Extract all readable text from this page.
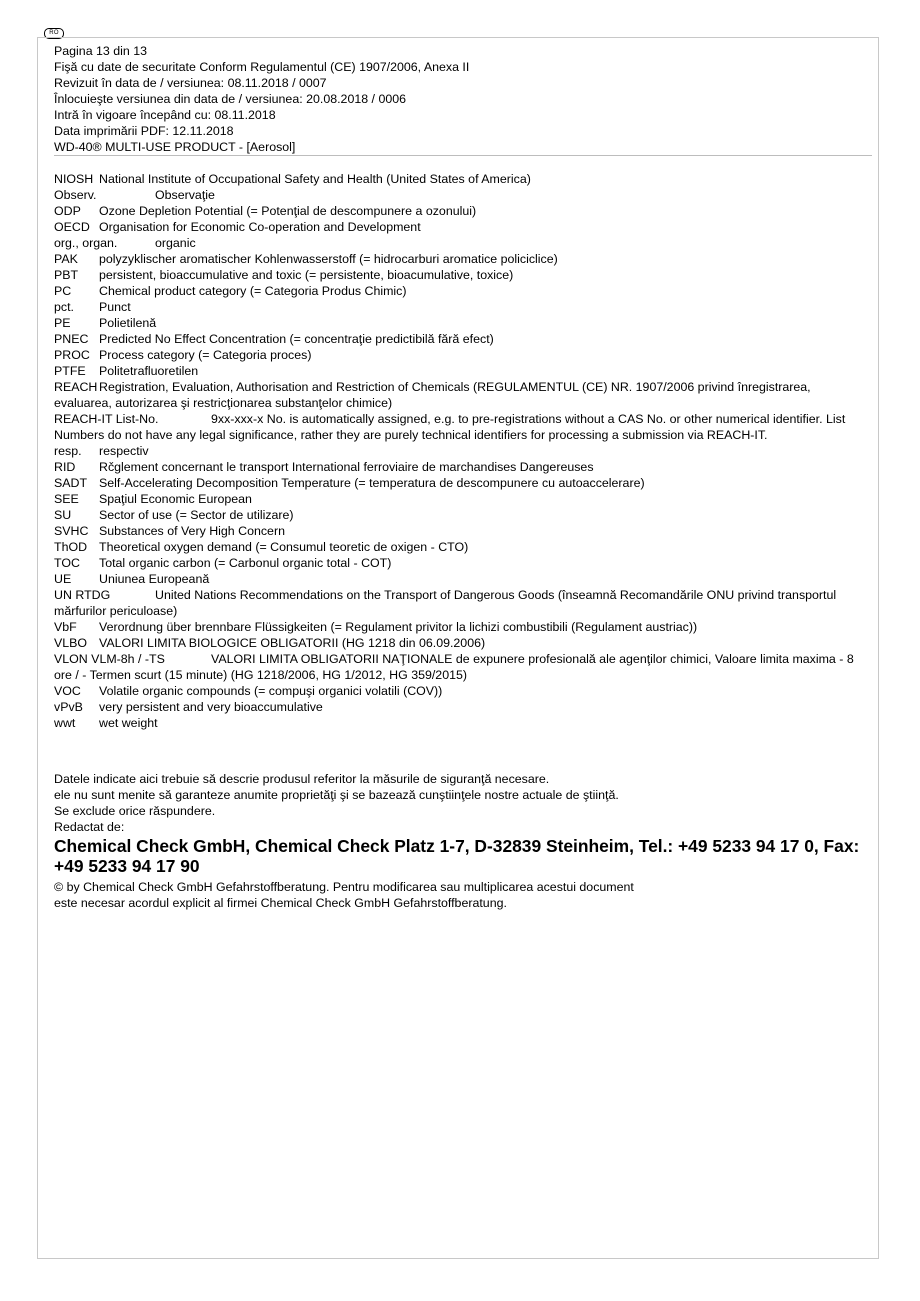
RO
Pagina 13 din 13
Fişă cu date de securitate Conform Regulamentul (CE) 1907/2006, Anexa II
Revizuit în data de / versiunea: 08.11.2018 / 0007
Înlocuieşte versiunea din data de / versiunea: 20.08.2018 / 0006
Intră în vigoare începând cu: 08.11.2018
Data imprimării PDF: 12.11.2018
WD-40® MULTI-USE PRODUCT - [Aerosol]
NIOSH National Institute of Occupational Safety and Health (United States of America)
Observ.	Observaţie
ODP Ozone Depletion Potential (= Potenţial de descompunere a ozonului)
OECD Organisation for Economic Co-operation and Development
org., organ.	organic
PAK polyzyklischer aromatischer Kohlenwasserstoff (= hidrocarburi aromatice policiclice)
PBT persistent, bioaccumulative and toxic (= persistente, bioacumulative, toxice)
PC Chemical product category (= Categoria Produs Chimic)
pct. Punct
PE Polietilenă
PNEC Predicted No Effect Concentration (= concentraţie predictibilă fără efect)
PROC Process category (= Categoria proces)
PTFE Politetrafluoretilen
REACH Registration, Evaluation, Authorisation and Restriction of Chemicals (REGULAMENTUL (CE) NR. 1907/2006 privind înregistrarea, evaluarea, autorizarea şi restricţionarea substanţelor chimice)
REACH-IT List-No.	9xx-xxx-x No. is automatically assigned, e.g. to pre-registrations without a CAS No. or other numerical identifier. List Numbers do not have any legal significance, rather they are purely technical identifiers for processing a submission via REACH-IT.
resp. respectiv
RID Rčglement concernant le transport International ferroviaire de marchandises Dangereuses
SADT Self-Accelerating Decomposition Temperature (= temperatura de descompunere cu autoaccelerare)
SEE Spaţiul Economic European
SU Sector of use (= Sector de utilizare)
SVHC Substances of Very High Concern
ThOD Theoretical oxygen demand (= Consumul teoretic de oxigen - CTO)
TOC Total organic carbon (= Carbonul organic total - COT)
UE Uniunea Europeană
UN RTDG	United Nations Recommendations on the Transport of Dangerous Goods (înseamnă Recomandările ONU privind transportul mărfurilor periculoase)
VbF Verordnung über brennbare Flüssigkeiten (= Regulament privitor la lichizi combustibili (Regulament austriac))
VLBO VALORI LIMITA BIOLOGICE OBLIGATORII (HG 1218 din 06.09.2006)
VLON VLM-8h / -TS	VALORI LIMITA OBLIGATORII NAŢIONALE de expunere profesională ale agenţilor chimici, Valoare limita maxima - 8 ore / - Termen scurt (15 minute) (HG 1218/2006, HG 1/2012, HG 359/2015)
VOC Volatile organic compounds (= compuşi organici volatili (COV))
vPvB very persistent and very bioaccumulative
wwt wet weight
Datele indicate aici trebuie să descrie produsul referitor la măsurile de siguranţă necesare.
ele nu sunt menite să garanteze anumite proprietăţi şi se bazează cunştiinţele nostre actuale de ştiinţă.
Se exclude orice răspundere.
Redactat de:
Chemical Check GmbH, Chemical Check Platz 1-7, D-32839 Steinheim, Tel.: +49 5233 94 17 0, Fax: +49 5233 94 17 90
© by Chemical Check GmbH Gefahrstoffberatung. Pentru modificarea sau multiplicarea acestui document
este necesar acordul explicit al firmei Chemical Check GmbH Gefahrstoffberatung.
